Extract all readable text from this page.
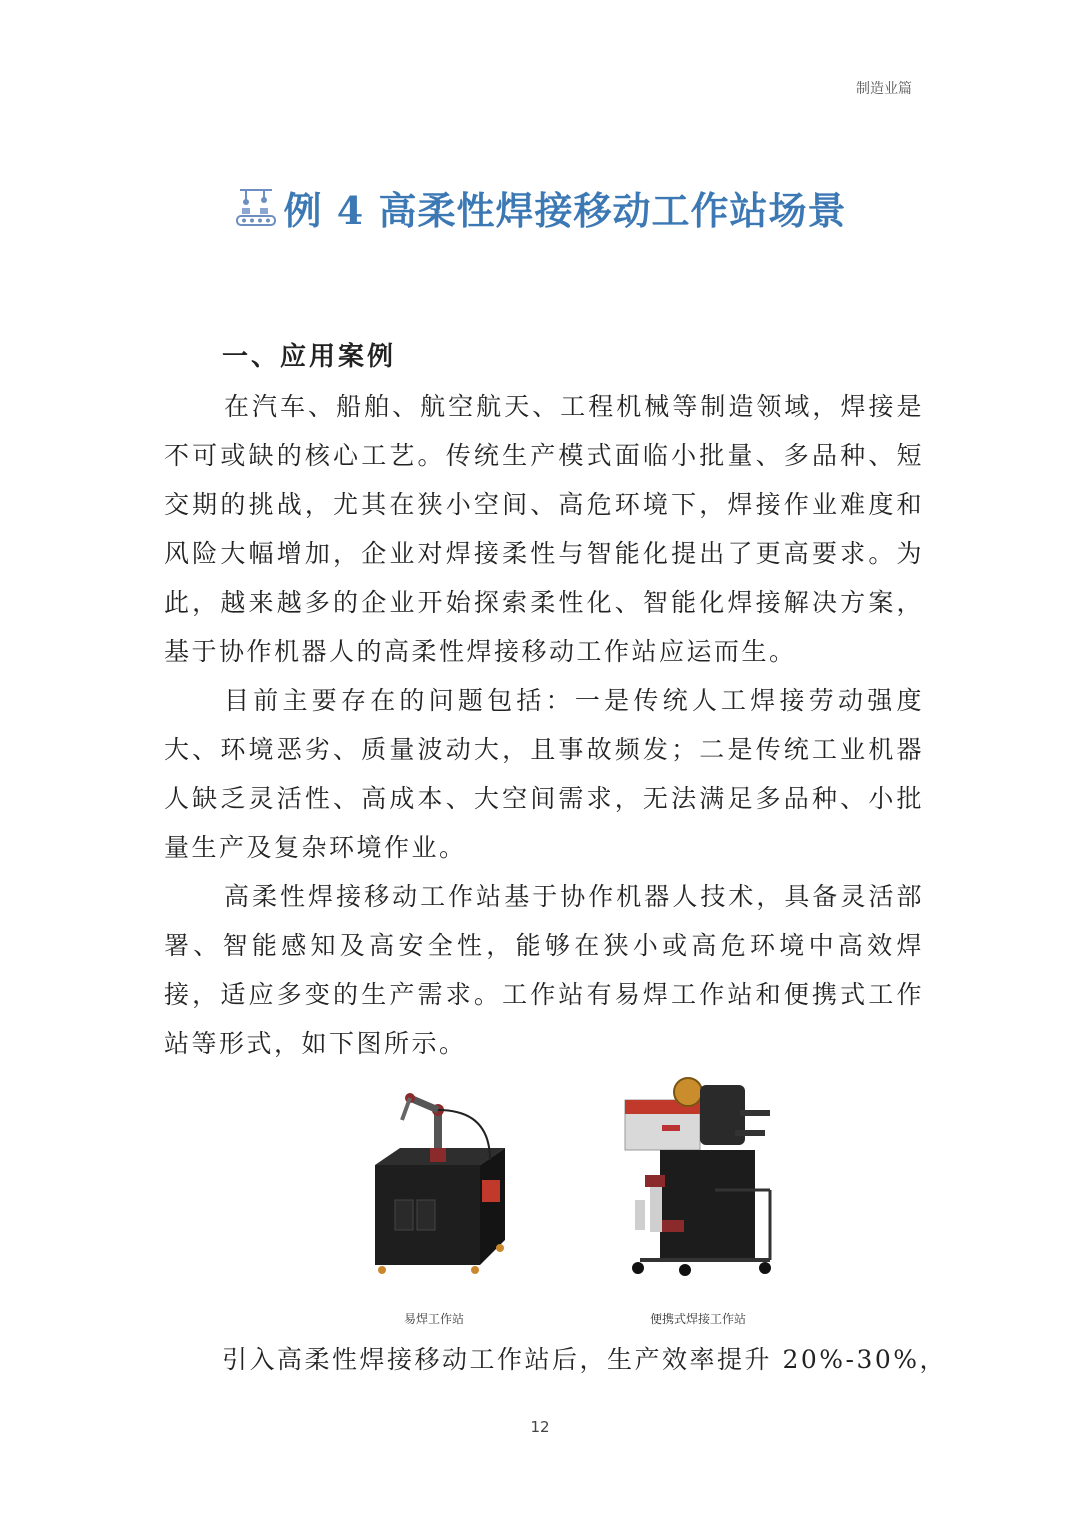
制造业篇
例 4 高柔性焊接移动工作站场景
一、应用案例

在汽车、船舶、航空航天、工程机械等制造领域，焊接是不可或缺的核心工艺。传统生产模式面临小批量、多品种、短交期的挑战，尤其在狭小空间、高危环境下，焊接作业难度和风险大幅增加，企业对焊接柔性与智能化提出了更高要求。为此，越来越多的企业开始探索柔性化、智能化焊接解决方案，基于协作机器人的高柔性焊接移动工作站应运而生。

目前主要存在的问题包括：一是传统人工焊接劳动强度大、环境恶劣、质量波动大，且事故频发；二是传统工业机器人缺乏灵活性、高成本、大空间需求，无法满足多品种、小批量生产及复杂环境作业。

高柔性焊接移动工作站基于协作机器人技术，具备灵活部署、智能感知及高安全性，能够在狭小或高危环境中高效焊接，适应多变的生产需求。工作站有易焊工作站和便携式工作站等形式，如下图所示。

易焊工作站	便携式焊接工作站
引入高柔性焊接移动工作站后，生产效率提升 20%-30%，
12
